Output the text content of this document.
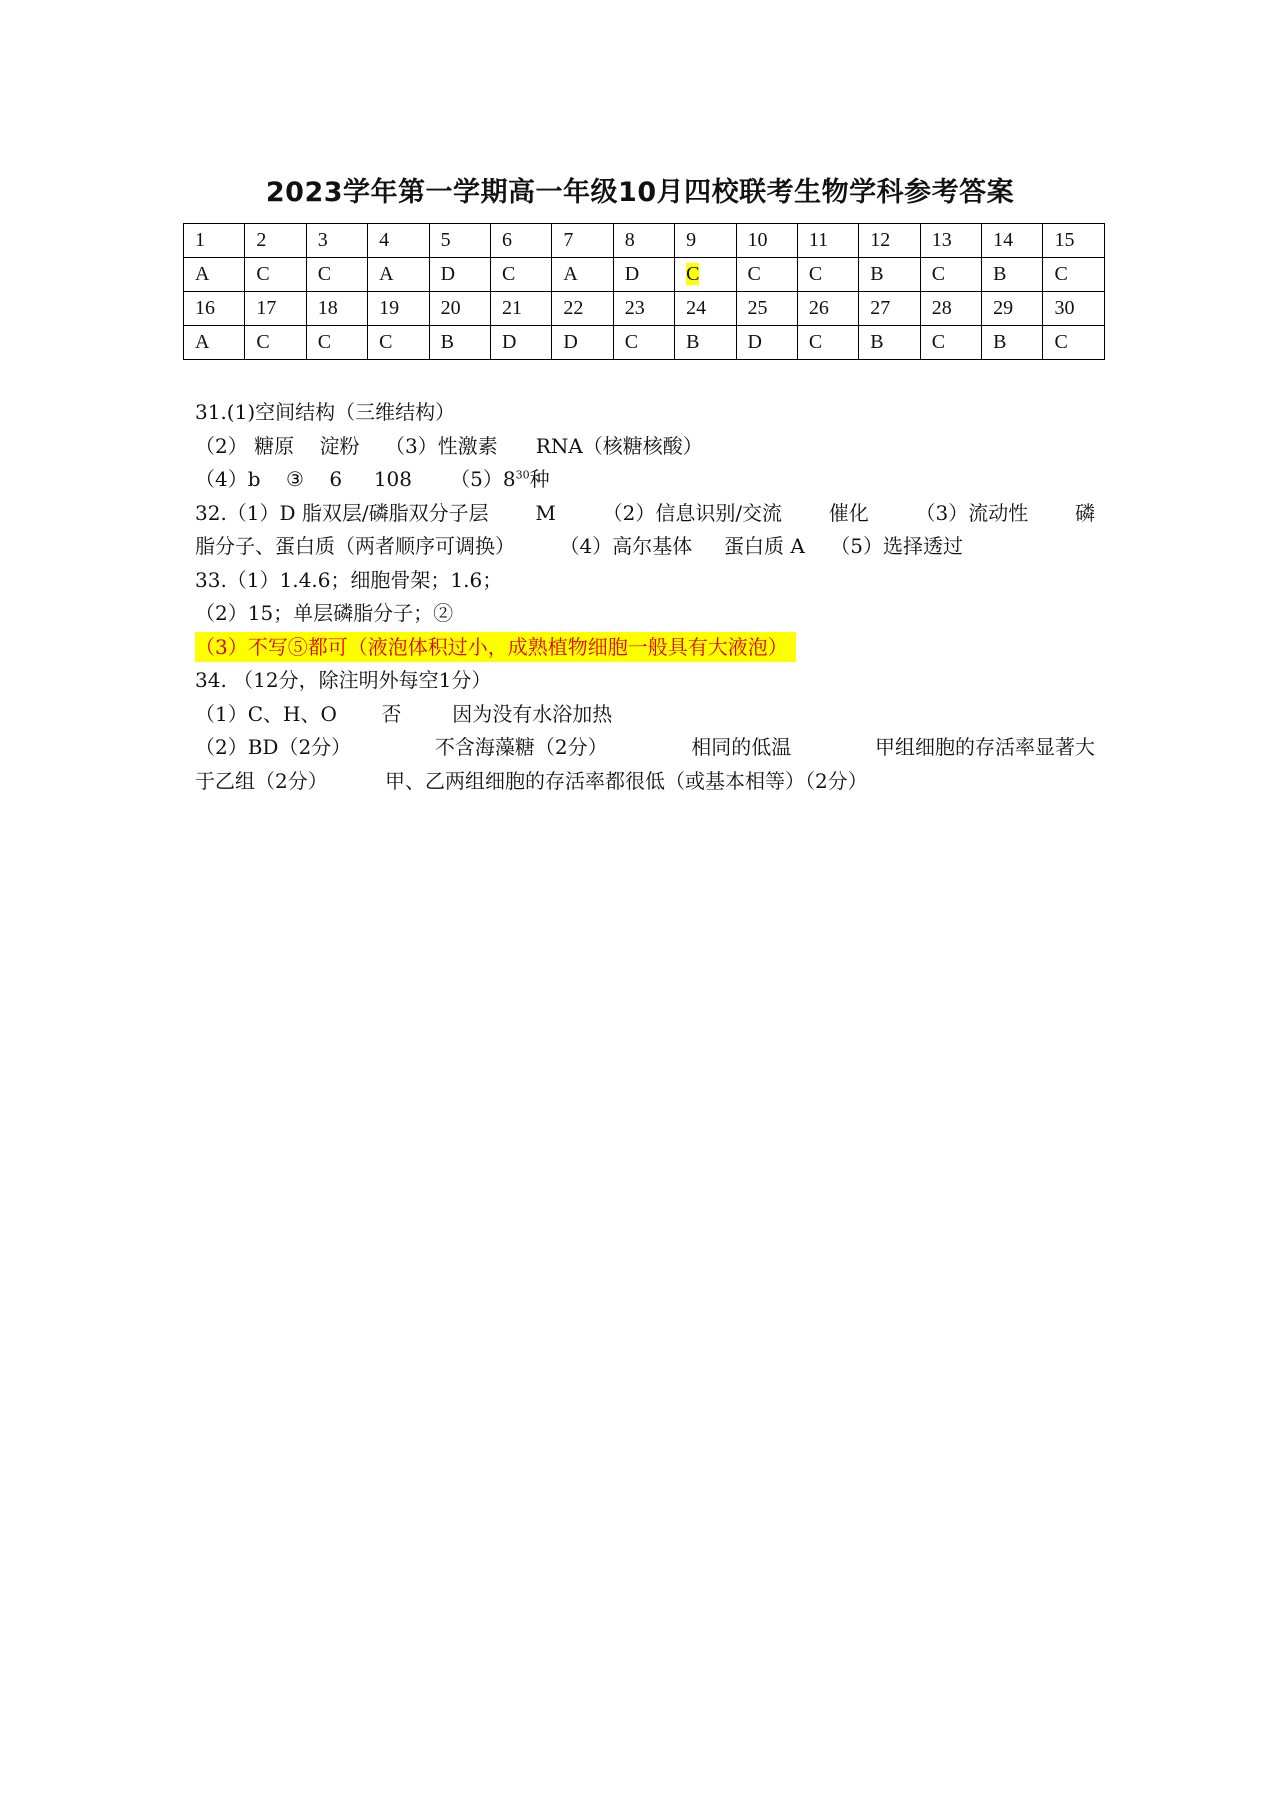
2023学年第一学期高一年级10月四校联考生物学科参考答案
1	2	3	4	5	6	7	8	9	10	11	12	13	14	15
A	C	C	A	D	C	A	D	C	C	C	B	C	B	C
16	17	18	19	20	21	22	23	24	25	26	27	28	29	30
A	C	C	C	B	D	D	C	B	D	C	B	C	B	C

31.(1)空间结构（三维结构）

（2） 糖原    淀粉    （3）性激素      RNA（核糖核酸）

（4）b    ③    6     108      $(5)8^{30}$种

32.（1）D 脂双层/磷脂双分子层 M （2）信息识别/交流 催化 （3）流动性 磷

脂分子、蛋白质（两者顺序可调换）       （4）高尔基体     蛋白质 A    （5）选择透过

33.（1）1.4.6；细胞骨架；1.6；

（2）15；单层磷脂分子；②

（3）不写⑤都可（液泡体积过小，成熟植物细胞一般具有大液泡）

34. （12分，除注明外每空1分）

（1）C、H、O       否        因为没有水浴加热

（2）BD（2分）	不含海藻糖（2分）	相同的低温	甲组细胞的存活率显著大

于乙组（2分）         甲、乙两组细胞的存活率都很低（或基本相等）（2分）
